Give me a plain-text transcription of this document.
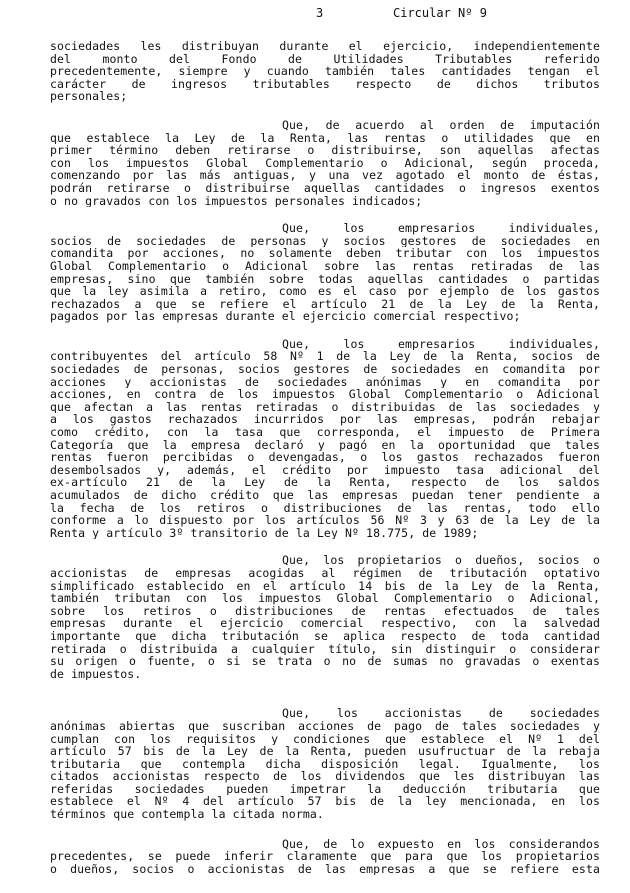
3	Circular Nº 9
sociedades les distribuyan durante el ejercicio, independientemente
del monto del Fondo de Utilidades Tributables referido
precedentemente, siempre y cuando también tales cantidades tengan el
carácter de ingresos tributables respecto de dichos tributos
personales;
Que, de acuerdo al orden de imputación
que establece la Ley de la Renta, las rentas o utilidades que en
primer término deben retirarse o distribuirse, son aquellas afectas
con los impuestos Global Complementario o Adicional, según proceda,
comenzando por las más antiguas, y una vez agotado el monto de éstas,
podrán retirarse o distribuirse aquellas cantidades o ingresos exentos
o no gravados con los impuestos personales indicados;
Que, los empresarios individuales,
socios de sociedades de personas y socios gestores de sociedades en
comandita por acciones, no solamente deben tributar con los impuestos
Global Complementario o Adicional sobre las rentas retiradas de las
empresas, sino que también sobre todas aquellas cantidades o partidas
que la ley asimila a retiro, como es el caso por ejemplo de los gastos
rechazados a que se refiere el artículo 21 de la Ley de la Renta,
pagados por las empresas durante el ejercicio comercial respectivo;
Que, los empresarios individuales,
contribuyentes del artículo 58 Nº 1 de la Ley de la Renta, socios de
sociedades de personas, socios gestores de sociedades en comandita por
acciones y accionistas de sociedades anónimas y en comandita por
acciones, en contra de los impuestos Global Complementario o Adicional
que afectan a las rentas retiradas o distribuidas de las sociedades y
a los gastos rechazados incurridos por las empresas, podrán rebajar
como crédito, con la tasa que corresponda, el impuesto de Primera
Categoría que la empresa declaró y pagó en la oportunidad que tales
rentas fueron percibidas o devengadas, o los gastos rechazados fueron
desembolsados y, además, el crédito por impuesto tasa adicional del
ex-artículo 21 de la Ley de la Renta, respecto de los saldos
acumulados de dicho crédito que las empresas puedan tener pendiente a
la fecha de los retiros o distribuciones de las rentas, todo ello
conforme a lo dispuesto por los artículos 56 Nº 3 y 63 de la Ley de la
Renta y artículo 3º transitorio de la Ley Nº 18.775, de 1989;
Que, los propietarios o dueños, socios o
accionistas de empresas acogidas al régimen de tributación optativo
simplificado establecido en el artículo 14 bis de la Ley de la Renta,
también tributan con los impuestos Global Complementario o Adicional,
sobre los retiros o distribuciones de rentas efectuados de tales
empresas durante el ejercicio comercial respectivo, con la salvedad
importante que dicha tributación se aplica respecto de toda cantidad
retirada o distribuida a cualquier título, sin distinguir o considerar
su origen o fuente, o si se trata o no de sumas no gravadas o exentas
de impuestos.
Que, los accionistas de sociedades
anónimas abiertas que suscriban acciones de pago de tales sociedades y
cumplan con los requisitos y condiciones que establece el Nº 1 del
artículo 57 bis de la Ley de la Renta, pueden usufructuar de la rebaja
tributaria que contempla dicha disposición legal. Igualmente, los
citados accionistas respecto de los dividendos que les distribuyan las
referidas sociedades pueden impetrar la deducción tributaria que
establece el Nº 4 del artículo 57 bis de la ley mencionada, en los
términos que contempla la citada norma.
Que, de lo expuesto en los considerandos
precedentes, se puede inferir claramente que para que los propietarios
o dueños, socios o accionistas de las empresas a que se refiere esta
